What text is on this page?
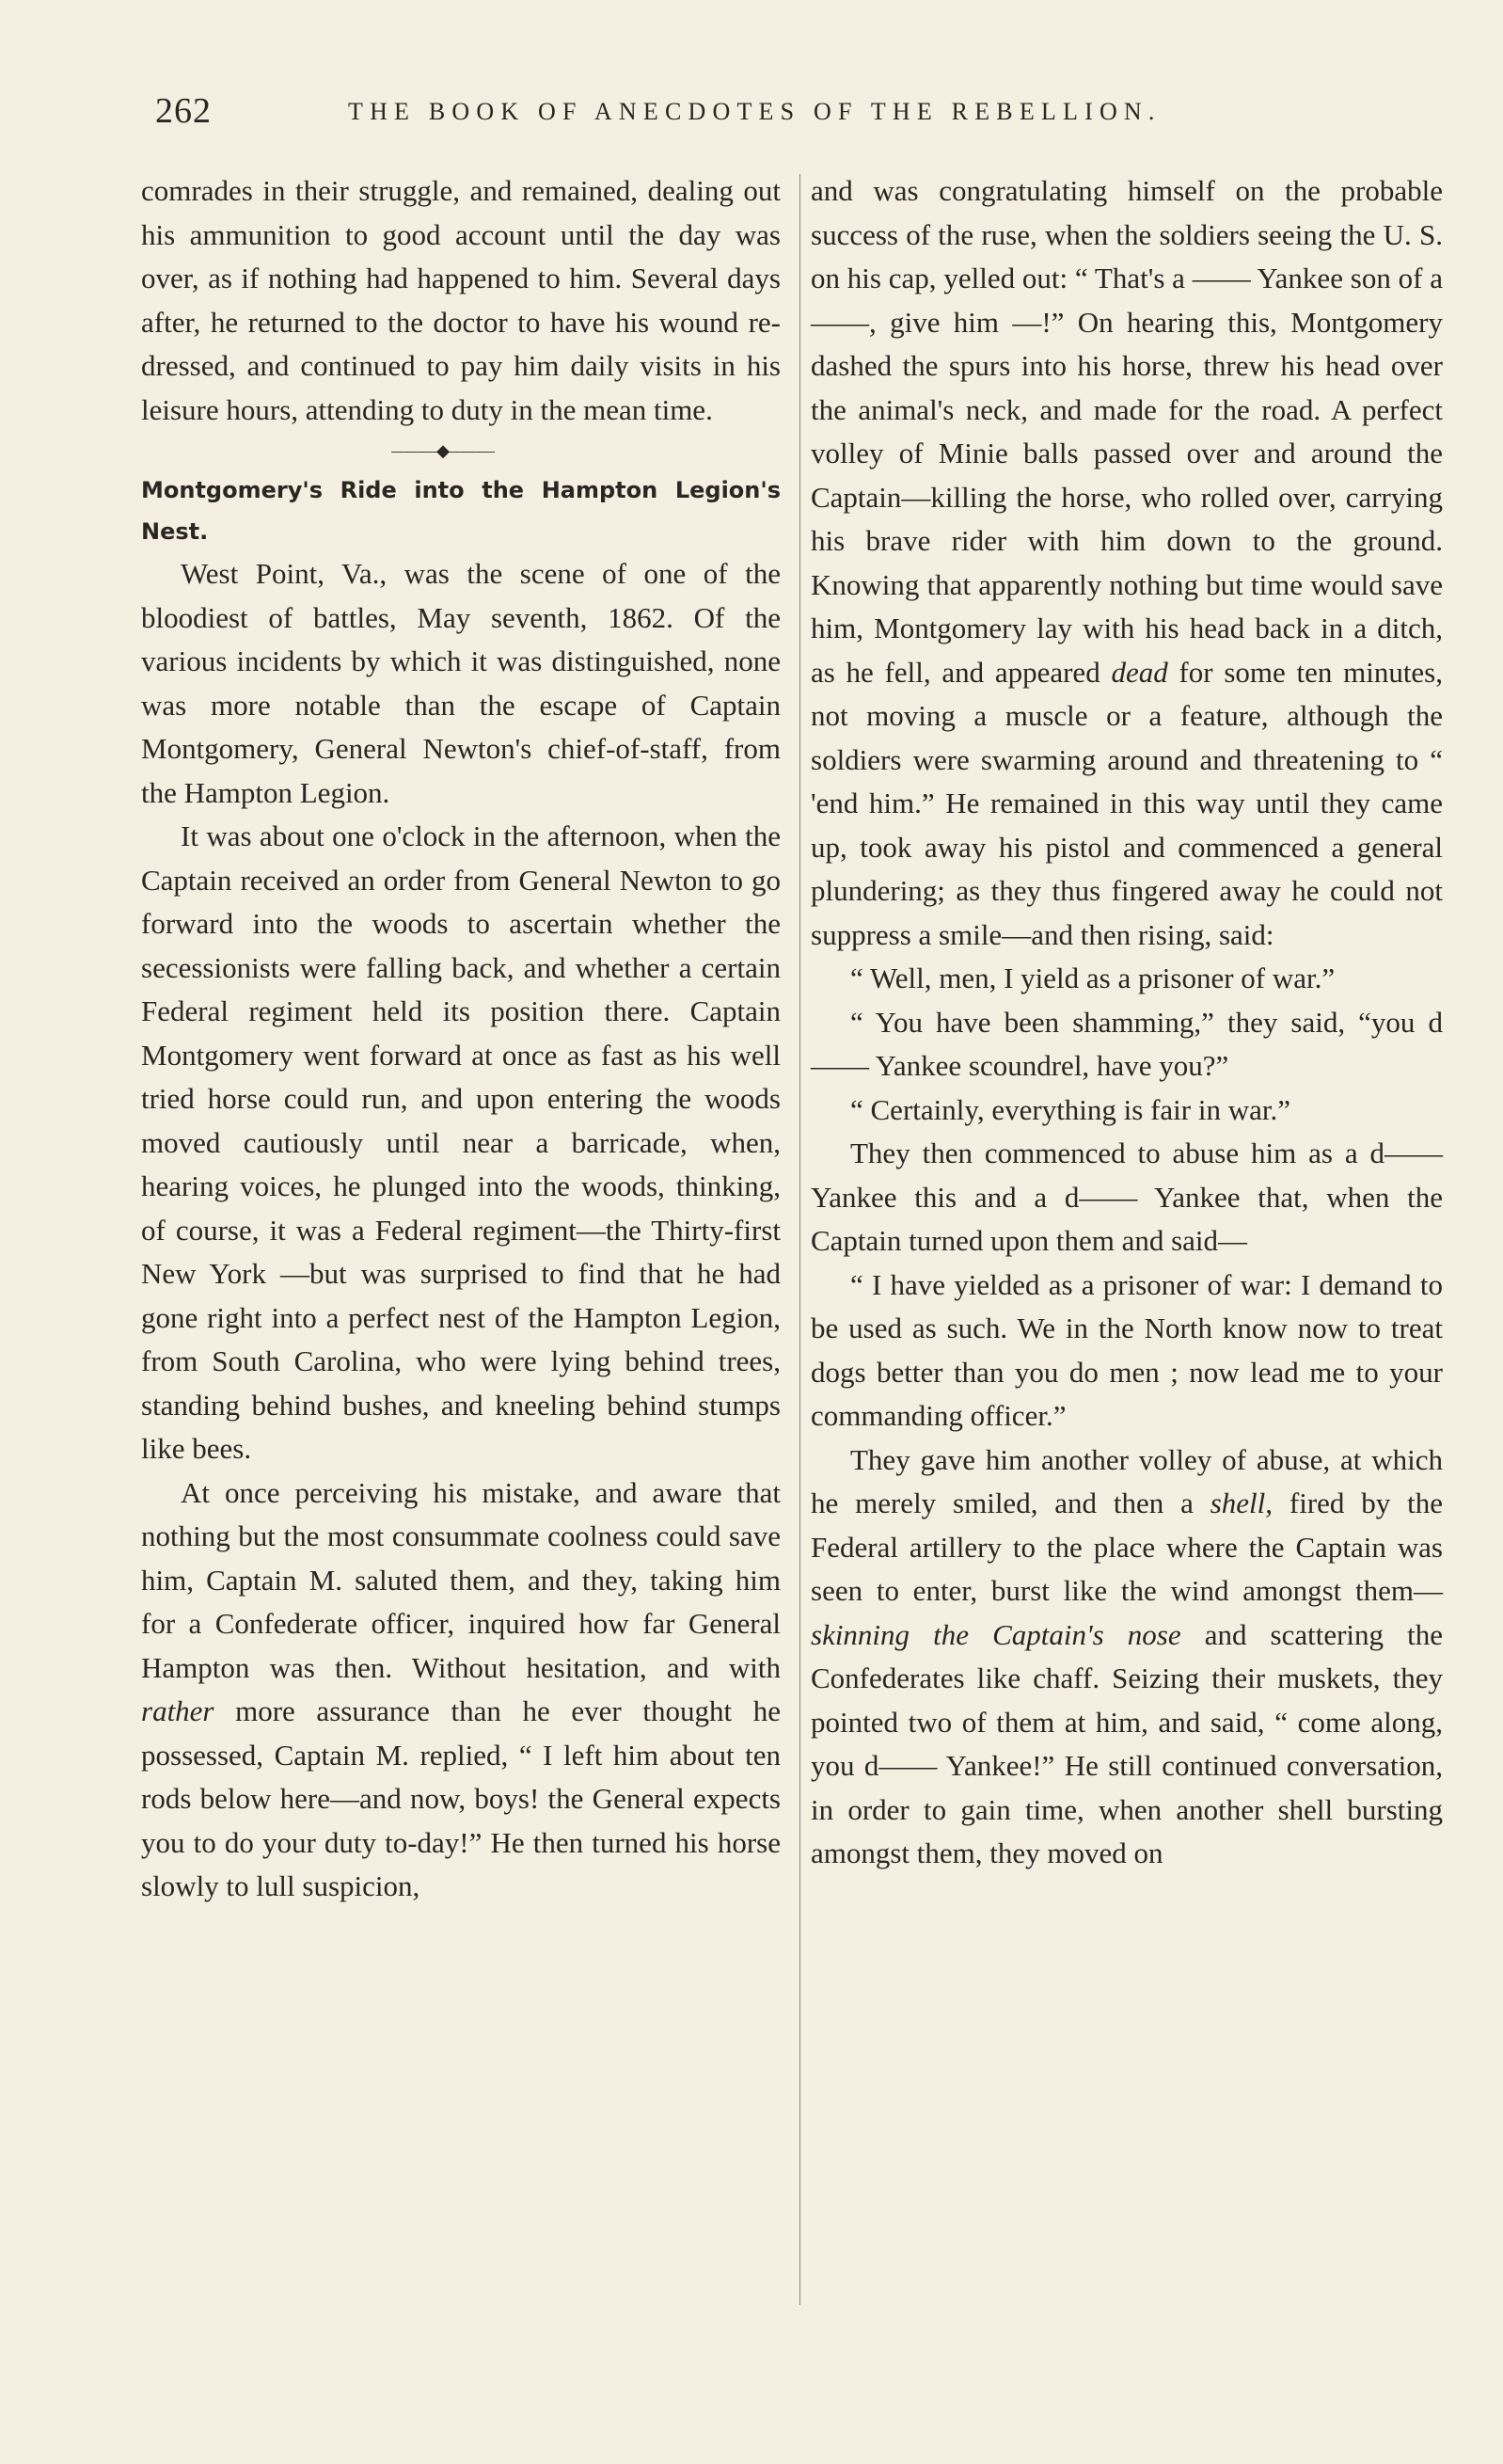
262	THE BOOK OF ANECDOTES OF THE REBELLION.

comrades in their struggle, and remained, dealing out his ammunition to good account until the day was over, as if nothing had happened to him. Several days after, he returned to the doctor to have his wound re-dressed, and continued to pay him daily visits in his leisure hours, attending to duty in the mean time.

———◆———

Montgomery's Ride into the Hampton Legion's Nest.

West Point, Va., was the scene of one of the bloodiest of battles, May seventh, 1862. Of the various incidents by which it was distinguished, none was more notable than the escape of Captain Montgomery, General Newton's chief-of-staff, from the Hampton Legion.

It was about one o'clock in the afternoon, when the Captain received an order from General Newton to go forward into the woods to ascertain whether the secessionists were falling back, and whether a certain Federal regiment held its position there. Captain Montgomery went forward at once as fast as his well tried horse could run, and upon entering the woods moved cautiously until near a barricade, when, hearing voices, he plunged into the woods, thinking, of course, it was a Federal regiment—the Thirty-first New York —but was surprised to find that he had gone right into a perfect nest of the Hampton Legion, from South Carolina, who were lying behind trees, standing behind bushes, and kneeling behind stumps like bees.

At once perceiving his mistake, and aware that nothing but the most consummate coolness could save him, Captain M. saluted them, and they, taking him for a Confederate officer, inquired how far General Hampton was then. Without hesitation, and with rather more assurance than he ever thought he possessed, Captain M. replied, “ I left him about ten rods below here—and now, boys! the General expects you to do your duty to-day!” He then turned his horse slowly to lull suspicion,

and was congratulating himself on the probable success of the ruse, when the soldiers seeing the U. S. on his cap, yelled out: “ That's a —— Yankee son of a ——, give him —!” On hearing this, Montgomery dashed the spurs into his horse, threw his head over the animal's neck, and made for the road. A perfect volley of Minie balls passed over and around the Captain—killing the horse, who rolled over, carrying his brave rider with him down to the ground. Knowing that apparently nothing but time would save him, Montgomery lay with his head back in a ditch, as he fell, and appeared dead for some ten minutes, not moving a muscle or a feature, although the soldiers were swarming around and threatening to “ 'end him.” He remained in this way until they came up, took away his pistol and commenced a general plundering; as they thus fingered away he could not suppress a smile—and then rising, said:

“ Well, men, I yield as a prisoner of war.”

“ You have been shamming,” they said, “you d—— Yankee scoundrel, have you?”

“ Certainly, everything is fair in war.”

They then commenced to abuse him as a d—— Yankee this and a d—— Yankee that, when the Captain turned upon them and said—

“ I have yielded as a prisoner of war: I demand to be used as such. We in the North know now to treat dogs better than you do men ; now lead me to your commanding officer.”

They gave him another volley of abuse, at which he merely smiled, and then a shell, fired by the Federal artillery to the place where the Captain was seen to enter, burst like the wind amongst them—skinning the Captain's nose and scattering the Confederates like chaff. Seizing their muskets, they pointed two of them at him, and said, “ come along, you d—— Yankee!” He still continued conversation, in order to gain time, when another shell bursting amongst them, they moved on
